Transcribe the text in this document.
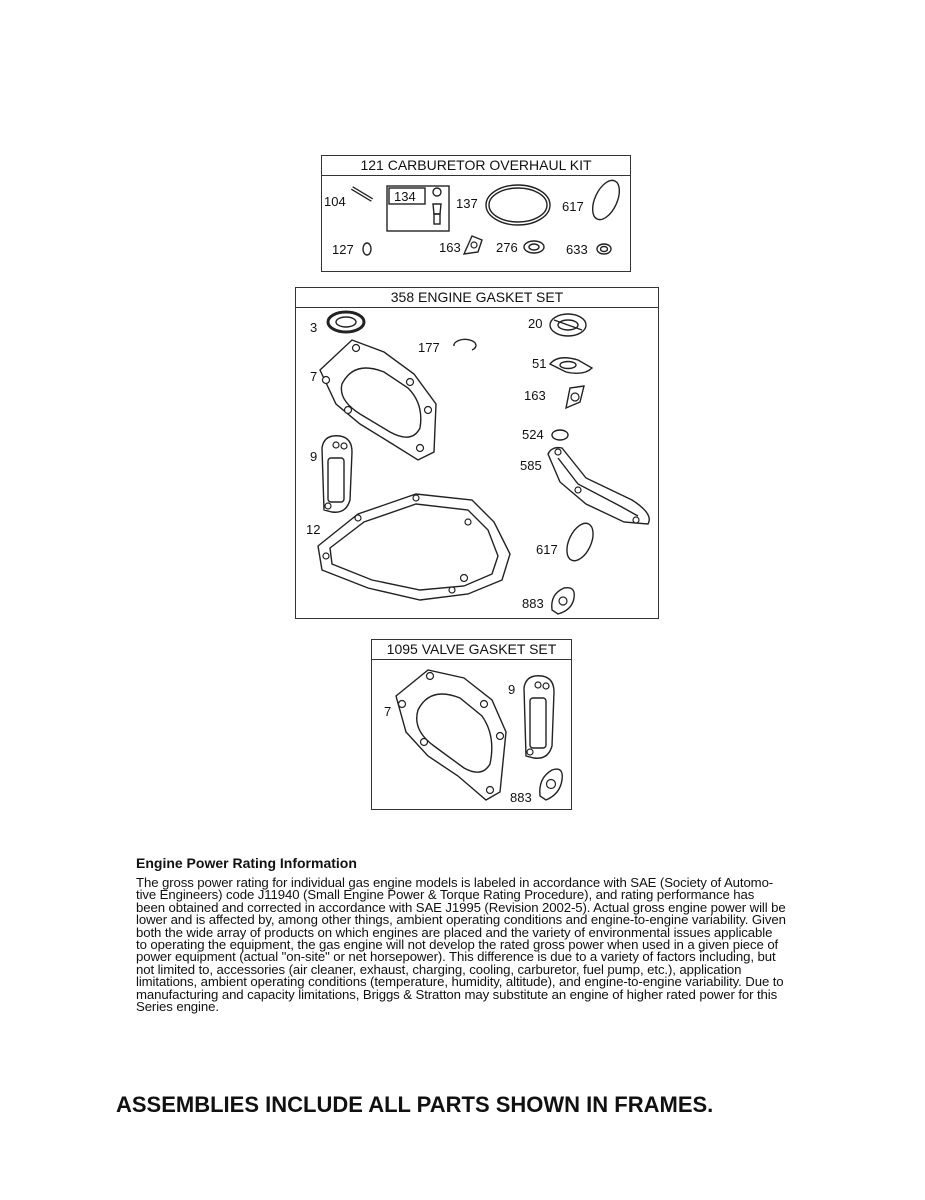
121 CARBURETOR OVERHAUL KIT
104	134	137	617
127	163	276	633
358 ENGINE GASKET SET
3
177
20
51
163
524
7
9
12
585
617
883
1095 VALVE GASKET SET
7
9
883
Engine Power Rating Information
The gross power rating for individual gas engine models is labeled in accordance with SAE (Society of Automo-tive Engineers) code J11940 (Small Engine Power & Torque Rating Procedure), and rating performance has been obtained and corrected in accordance with SAE J1995 (Revision 2002-5). Actual gross engine power will be lower and is affected by, among other things, ambient operating conditions and engine-to-engine variability. Given both the wide array of products on which engines are placed and the variety of environmental issues applicable to operating the equipment, the gas engine will not develop the rated gross power when used in a given piece of power equipment (actual "on-site" or net horsepower). This difference is due to a variety of factors including, but not limited to, accessories (air cleaner, exhaust, charging, cooling, carburetor, fuel pump, etc.), application limitations, ambient operating conditions (temperature, humidity, altitude), and engine-to-engine variability. Due to manufacturing and capacity limitations, Briggs & Stratton may substitute an engine of higher rated power for this Series engine.
ASSEMBLIES INCLUDE ALL PARTS SHOWN IN FRAMES.
